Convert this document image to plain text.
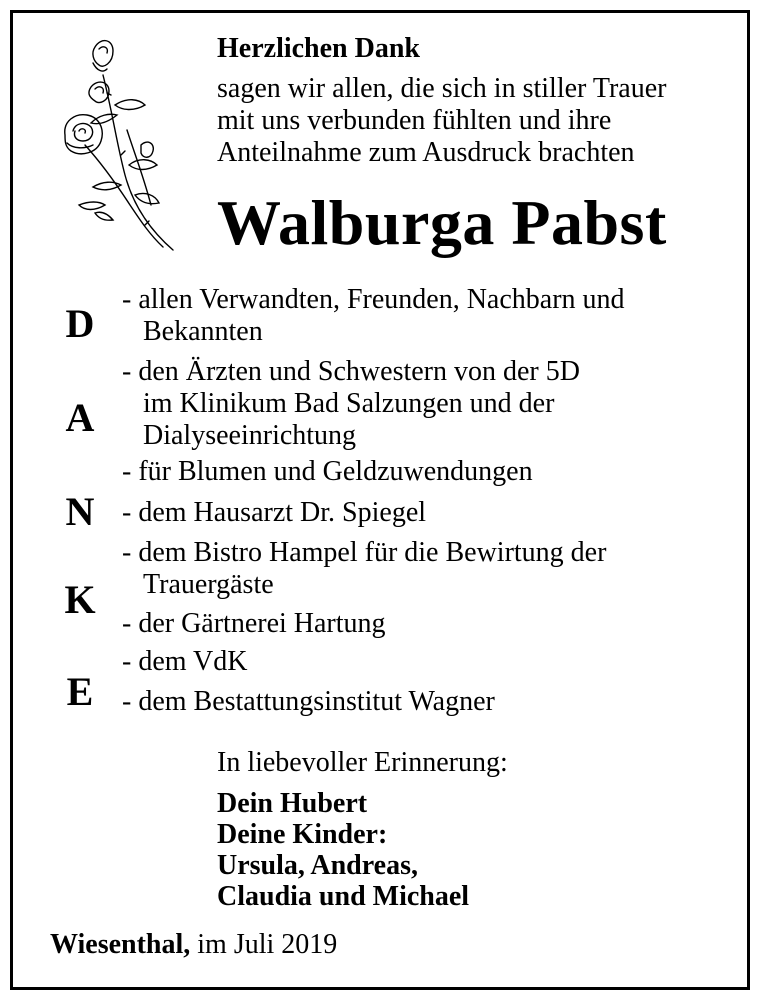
Herzlichen Dank
sagen wir allen, die sich in stiller Trauer
mit uns verbunden fühlten und ihre
Anteilnahme zum Ausdruck brachten
Walburga Pabst
D
A
N
K
E
- allen Verwandten, Freunden, Nachbarn und
Bekannten
- den Ärzten und Schwestern von der 5D
im Klinikum Bad Salzungen und der
Dialyseeinrichtung
- für Blumen und Geldzuwendungen
- dem Hausarzt Dr. Spiegel
- dem Bistro Hampel für die Bewirtung der
Trauergäste
- der Gärtnerei Hartung
- dem VdK
- dem Bestattungsinstitut Wagner
In liebevoller Erinnerung:
Dein Hubert
Deine Kinder:
Ursula, Andreas,
Claudia und Michael
Wiesenthal, im Juli 2019
